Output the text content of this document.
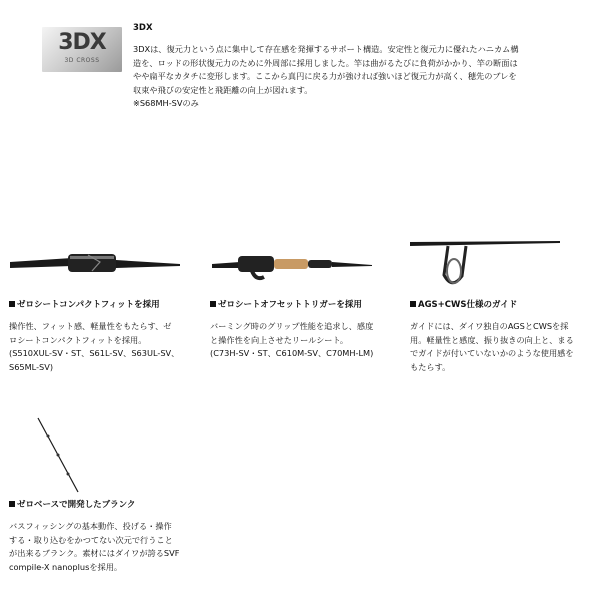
3DX
3D CROSS
3DX
3DXは、復元力という点に集中して存在感を発揮するサポート構造。安定性と復元力に優れたハニカム構
造を、ロッドの形状復元力のために外周部に採用しました。竿は曲がるたびに負荷がかかり、竿の断面は
やや扁平なカタチに変形します。ここから真円に戻る力が強ければ強いほど復元力が高く、穂先のブレを
収束や飛びの安定性と飛距離の向上が図れます。
※S68MH-SVのみ
ゼロシートコンパクトフィットを採用
操作性、フィット感、軽量性をもたらす、ゼ
ロシートコンパクトフィットを採用。
(S510XUL-SV・ST、S61L-SV、S63UL-SV、
S65ML-SV)
ゼロシートオフセットトリガーを採用
バーミング時のグリップ性能を追求し、感度
と操作性を向上させたリールシート。
(C73H-SV・ST、C610M-SV、C70MH-LM)
AGS+CWS仕様のガイド
ガイドには、ダイワ独自のAGSとCWSを採
用。軽量性と感度、振り抜きの向上と、まる
でガイドが付いていないかのような使用感を
もたらす。
ゼロベースで開発したブランク
バスフィッシングの基本動作、投げる・操作
する・取り込むをかつてない次元で行うこと
が出来るブランク。素材にはダイワが誇るSVF
compile-X nanoplusを採用。
